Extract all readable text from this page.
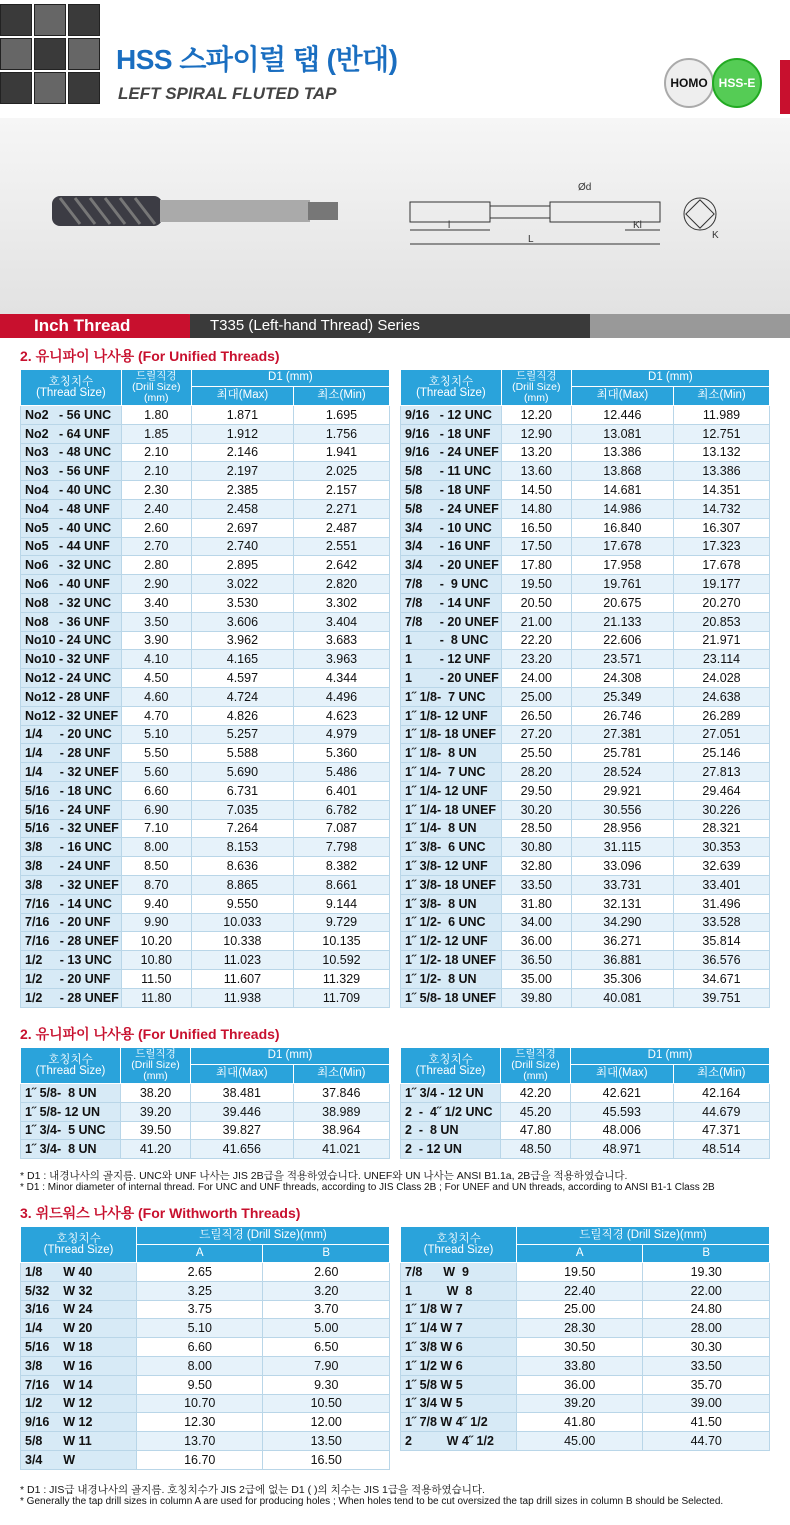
HSS 스파이럴 탭 (반대)
LEFT SPIRAL FLUTED TAP
HOMO HSS-E
Ød
l
L
Kl
K
Inch Thread	T335 (Left-hand Thread) Series
2. 유니파이 나사용 (For Unified Threads)
호칭치수
(Thread Size)	드릴직경
(Drill Size)
(mm)	D1 (mm)	
		최대(Max)	최소(Min)
No2   - 56 UNC	1.80	1.871	1.695
No2   - 64 UNF	1.85	1.912	1.756
No3   - 48 UNC	2.10	2.146	1.941
No3   - 56 UNF	2.10	2.197	2.025
No4   - 40 UNC	2.30	2.385	2.157
No4   - 48 UNF	2.40	2.458	2.271
No5   - 40 UNC	2.60	2.697	2.487
No5   - 44 UNF	2.70	2.740	2.551
No6   - 32 UNC	2.80	2.895	2.642
No6   - 40 UNF	2.90	3.022	2.820
No8   - 32 UNC	3.40	3.530	3.302
No8   - 36 UNF	3.50	3.606	3.404
No10 - 24 UNC	3.90	3.962	3.683
No10 - 32 UNF	4.10	4.165	3.963
No12 - 24 UNC	4.50	4.597	4.344
No12 - 28 UNF	4.60	4.724	4.496
No12 - 32 UNEF	4.70	4.826	4.623
1/4     - 20 UNC	5.10	5.257	4.979
1/4     - 28 UNF	5.50	5.588	5.360
1/4     - 32 UNEF	5.60	5.690	5.486
5/16   - 18 UNC	6.60	6.731	6.401
5/16   - 24 UNF	6.90	7.035	6.782
5/16   - 32 UNEF	7.10	7.264	7.087
3/8     - 16 UNC	8.00	8.153	7.798
3/8     - 24 UNF	8.50	8.636	8.382
3/8     - 32 UNEF	8.70	8.865	8.661
7/16   - 14 UNC	9.40	9.550	9.144
7/16   - 20 UNF	9.90	10.033	9.729
7/16   - 28 UNEF	10.20	10.338	10.135
1/2     - 13 UNC	10.80	11.023	10.592
1/2     - 20 UNF	11.50	11.607	11.329
1/2     - 28 UNEF	11.80	11.938	11.709
호칭치수
(Thread Size)	드릴직경
(Drill Size)
(mm)	D1 (mm)	
		최대(Max)	최소(Min)
9/16   - 12 UNC	12.20	12.446	11.989
9/16   - 18 UNF	12.90	13.081	12.751
9/16   - 24 UNEF	13.20	13.386	13.132
5/8     - 11 UNC	13.60	13.868	13.386
5/8     - 18 UNF	14.50	14.681	14.351
5/8     - 24 UNEF	14.80	14.986	14.732
3/4     - 10 UNC	16.50	16.840	16.307
3/4     - 16 UNF	17.50	17.678	17.323
3/4     - 20 UNEF	17.80	17.958	17.678
7/8     -  9 UNC	19.50	19.761	19.177
7/8     - 14 UNF	20.50	20.675	20.270
7/8     - 20 UNEF	21.00	21.133	20.853
1        -  8 UNC	22.20	22.606	21.971
1        - 12 UNF	23.20	23.571	23.114
1        - 20 UNEF	24.00	24.308	24.028
1˝ 1/8-  7 UNC	25.00	25.349	24.638
1˝ 1/8- 12 UNF	26.50	26.746	26.289
1˝ 1/8- 18 UNEF	27.20	27.381	27.051
1˝ 1/8-  8 UN	25.50	25.781	25.146
1˝ 1/4-  7 UNC	28.20	28.524	27.813
1˝ 1/4- 12 UNF	29.50	29.921	29.464
1˝ 1/4- 18 UNEF	30.20	30.556	30.226
1˝ 1/4-  8 UN	28.50	28.956	28.321
1˝ 3/8-  6 UNC	30.80	31.115	30.353
1˝ 3/8- 12 UNF	32.80	33.096	32.639
1˝ 3/8- 18 UNEF	33.50	33.731	33.401
1˝ 3/8-  8 UN	31.80	32.131	31.496
1˝ 1/2-  6 UNC	34.00	34.290	33.528
1˝ 1/2- 12 UNF	36.00	36.271	35.814
1˝ 1/2- 18 UNEF	36.50	36.881	36.576
1˝ 1/2-  8 UN	35.00	35.306	34.671
1˝ 5/8- 18 UNEF	39.80	40.081	39.751
2. 유니파이 나사용 (For Unified Threads)
호칭치수
(Thread Size)	드릴직경
(Drill Size)
(mm)	D1 (mm)	
		최대(Max)	최소(Min)
1˝ 5/8-  8 UN	38.20	38.481	37.846
1˝ 5/8- 12 UN	39.20	39.446	38.989
1˝ 3/4-  5 UNC	39.50	39.827	38.964
1˝ 3/4-  8 UN	41.20	41.656	41.021
호칭치수
(Thread Size)	드릴직경
(Drill Size)
(mm)	D1 (mm)	
		최대(Max)	최소(Min)
1˝ 3/4 - 12 UN	42.20	42.621	42.164
2  -  4˝ 1/2 UNC	45.20	45.593	44.679
2  -  8 UN	47.80	48.006	47.371
2  - 12 UN	48.50	48.971	48.514
* D1 : 내경나사의 골지름. UNC와 UNF 나사는 JIS 2B급을 적용하였습니다. UNEF와 UN 나사는 ANSI B1.1a, 2B급을 적용하였습니다.
* D1 : Minor diameter of internal thread. For UNC and UNF threads, according to JIS Class 2B ; For UNEF and UN threads, according to ANSI B1-1 Class 2B
3. 위드워스 나사용 (For Withworth Threads)
호칭치수
(Thread Size)	드릴직경 (Drill Size)(mm)	
	A	B
1/8      W 40	2.65	2.60
5/32    W 32	3.25	3.20
3/16    W 24	3.75	3.70
1/4      W 20	5.10	5.00
5/16    W 18	6.60	6.50
3/8      W 16	8.00	7.90
7/16    W 14	9.50	9.30
1/2      W 12	10.70	10.50
9/16    W 12	12.30	12.00
5/8      W 11	13.70	13.50
3/4      W	16.70	16.50
호칭치수
(Thread Size)	드릴직경 (Drill Size)(mm)	
	A	B
7/8      W  9	19.50	19.30
1          W  8	22.40	22.00
1˝ 1/8 W 7	25.00	24.80
1˝ 1/4 W 7	28.30	28.00
1˝ 3/8 W 6	30.50	30.30
1˝ 1/2 W 6	33.80	33.50
1˝ 5/8 W 5	36.00	35.70
1˝ 3/4 W 5	39.20	39.00
1˝ 7/8 W 4˝ 1/2	41.80	41.50
2          W 4˝ 1/2	45.00	44.70
* D1 : JIS급 내경나사의 골지름. 호칭치수가 JIS 2급에 없는 D1 ( )의 치수는 JIS 1급을 적용하였습니다.
* Generally the tap drill sizes in column A are used for producing holes ; When holes tend to be cut oversized the tap drill sizes in column B should be Selected.
